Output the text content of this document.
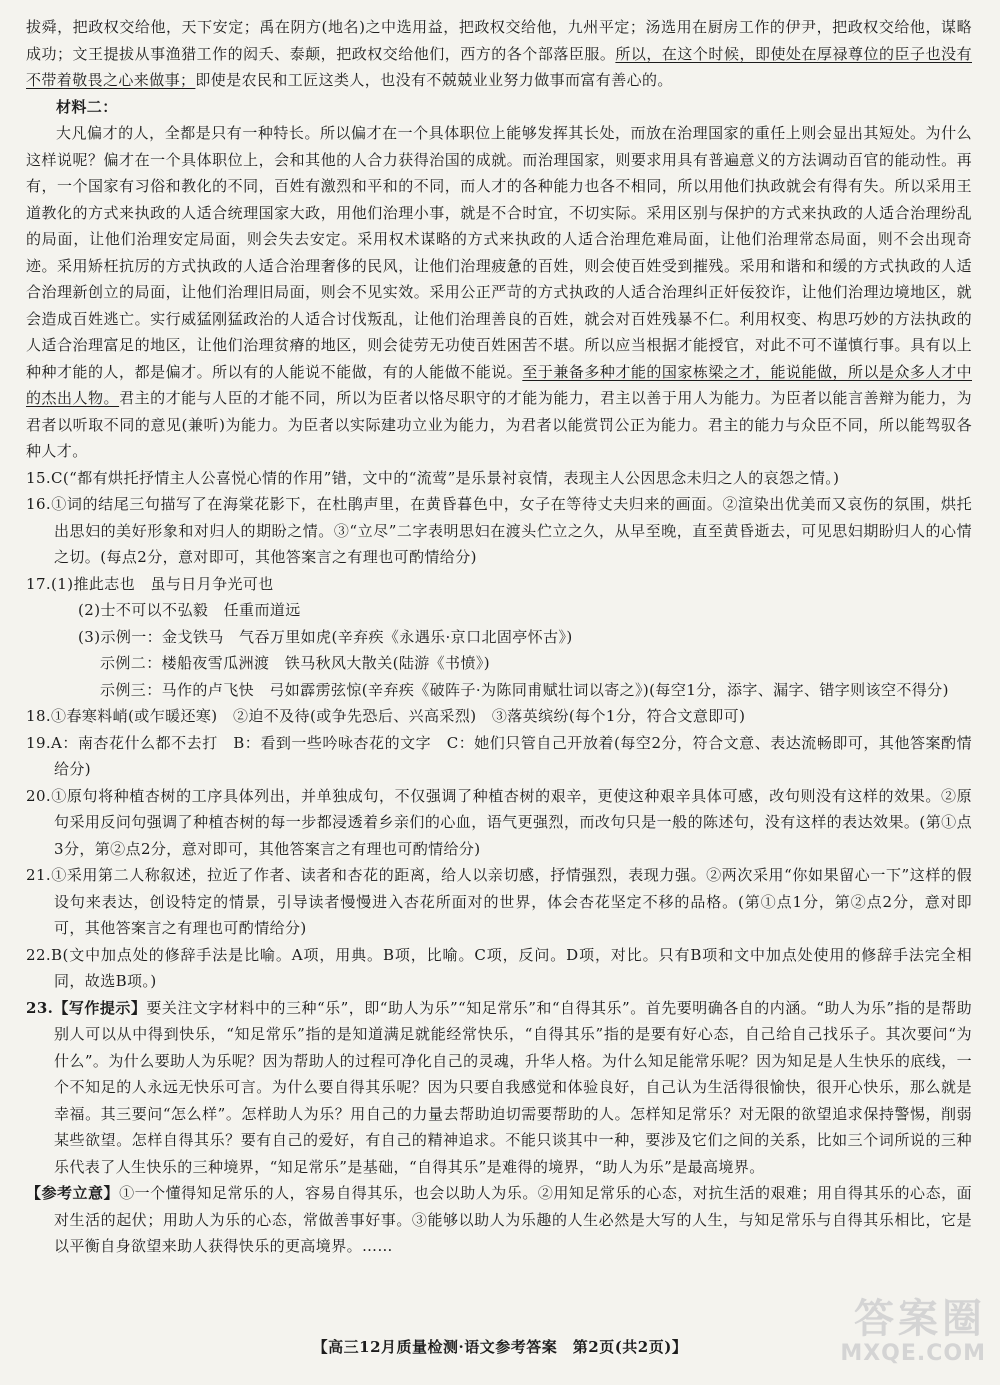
拔舜，把政权交给他，天下安定；禹在阴方(地名)之中选用益，把政权交给他，九州平定；汤选用在厨房工作的伊尹，把政权交给他，谋略成功；文王提拔从事渔猎工作的闳夭、泰颠，把政权交给他们，西方的各个部落臣服。所以，在这个时候，即使处在厚禄尊位的臣子也没有不带着敬畏之心来做事；即使是农民和工匠这类人，也没有不兢兢业业努力做事而富有善心的。

材料二：

大凡偏才的人，全都是只有一种特长。所以偏才在一个具体职位上能够发挥其长处，而放在治理国家的重任上则会显出其短处。为什么这样说呢？偏才在一个具体职位上，会和其他的人合力获得治国的成就。而治理国家，则要求用具有普遍意义的方法调动百官的能动性。再有，一个国家有习俗和教化的不同，百姓有激烈和平和的不同，而人才的各种能力也各不相同，所以用他们执政就会有得有失。所以采用王道教化的方式来执政的人适合统理国家大政，用他们治理小事，就是不合时宜，不切实际。采用区别与保护的方式来执政的人适合治理纷乱的局面，让他们治理安定局面，则会失去安定。采用权术谋略的方式来执政的人适合治理危难局面，让他们治理常态局面，则不会出现奇迹。采用矫枉抗厉的方式执政的人适合治理奢侈的民风，让他们治理疲惫的百姓，则会使百姓受到摧残。采用和谐和和缓的方式执政的人适合治理新创立的局面，让他们治理旧局面，则会不见实效。采用公正严苛的方式执政的人适合治理纠正奸佞狡诈，让他们治理边境地区，就会造成百姓逃亡。实行威猛刚猛政治的人适合讨伐叛乱，让他们治理善良的百姓，就会对百姓残暴不仁。利用权变、构思巧妙的方法执政的人适合治理富足的地区，让他们治理贫瘠的地区，则会徒劳无功使百姓困苦不堪。所以应当根据才能授官，对此不可不谨慎行事。具有以上种种才能的人，都是偏才。所以有的人能说不能做，有的人能做不能说。至于兼备多种才能的国家栋梁之才，能说能做，所以是众多人才中的杰出人物。君主的才能与人臣的才能不同，所以为臣者以恪尽职守的才能为能力，君主以善于用人为能力。为臣者以能言善辩为能力，为君者以听取不同的意见(兼听)为能力。为臣者以实际建功立业为能力，为君者以能赏罚公正为能力。君主的能力与众臣不同，所以能驾驭各种人才。

15.C(“都有烘托抒情主人公喜悦心情的作用”错，文中的“流莺”是乐景衬哀情，表现主人公因思念未归之人的哀怨之情。)

16.①词的结尾三句描写了在海棠花影下，在杜鹃声里，在黄昏暮色中，女子在等待丈夫归来的画面。②渲染出优美而又哀伤的氛围，烘托出思妇的美好形象和对归人的期盼之情。③“立尽”二字表明思妇在渡头伫立之久，从早至晚，直至黄昏逝去，可见思妇期盼归人的心情之切。(每点2分，意对即可，其他答案言之有理也可酌情给分)

17.(1)推此志也　虽与日月争光可也

(2)士不可以不弘毅　任重而道远

(3)示例一：金戈铁马　气吞万里如虎(辛弃疾《永遇乐·京口北固亭怀古》)

示例二：楼船夜雪瓜洲渡　铁马秋风大散关(陆游《书愤》)

示例三：马作的卢飞快　弓如霹雳弦惊(辛弃疾《破阵子·为陈同甫赋壮词以寄之》)(每空1分，添字、漏字、错字则该空不得分)

18.①春寒料峭(或乍暖还寒)　②迫不及待(或争先恐后、兴高采烈)　③落英缤纷(每个1分，符合文意即可)

19.A：南杏花什么都不去打　B：看到一些吟咏杏花的文字　C：她们只管自己开放着(每空2分，符合文意、表达流畅即可，其他答案酌情给分)

20.①原句将种植杏树的工序具体列出，并单独成句，不仅强调了种植杏树的艰辛，更使这种艰辛具体可感，改句则没有这样的效果。②原句采用反问句强调了种植杏树的每一步都浸透着乡亲们的心血，语气更强烈，而改句只是一般的陈述句，没有这样的表达效果。(第①点3分，第②点2分，意对即可，其他答案言之有理也可酌情给分)

21.①采用第二人称叙述，拉近了作者、读者和杏花的距离，给人以亲切感，抒情强烈，表现力强。②两次采用“你如果留心一下”这样的假设句来表达，创设特定的情景，引导读者慢慢进入杏花所面对的世界，体会杏花坚定不移的品格。(第①点1分，第②点2分，意对即可，其他答案言之有理也可酌情给分)

22.B(文中加点处的修辞手法是比喻。A项，用典。B项，比喻。C项，反问。D项，对比。只有B项和文中加点处使用的修辞手法完全相同，故选B项。)

23.【写作提示】要关注文字材料中的三种“乐”，即“助人为乐”“知足常乐”和“自得其乐”。首先要明确各自的内涵。“助人为乐”指的是帮助别人可以从中得到快乐，“知足常乐”指的是知道满足就能经常快乐，“自得其乐”指的是要有好心态，自己给自己找乐子。其次要问“为什么”。为什么要助人为乐呢？因为帮助人的过程可净化自己的灵魂，升华人格。为什么知足能常乐呢？因为知足是人生快乐的底线，一个不知足的人永远无快乐可言。为什么要自得其乐呢？因为只要自我感觉和体验良好，自己认为生活得很愉快，很开心快乐，那么就是幸福。其三要问“怎么样”。怎样助人为乐？用自己的力量去帮助迫切需要帮助的人。怎样知足常乐？对无限的欲望追求保持警惕，削弱某些欲望。怎样自得其乐？要有自己的爱好，有自己的精神追求。不能只谈其中一种，要涉及它们之间的关系，比如三个词所说的三种乐代表了人生快乐的三种境界，“知足常乐”是基础，“自得其乐”是难得的境界，“助人为乐”是最高境界。

【参考立意】①一个懂得知足常乐的人，容易自得其乐，也会以助人为乐。②用知足常乐的心态，对抗生活的艰难；用自得其乐的心态，面对生活的起伏；用助人为乐的心态，常做善事好事。③能够以助人为乐趣的人生必然是大写的人生，与知足常乐与自得其乐相比，它是以平衡自身欲望来助人获得快乐的更高境界。……

【高三12月质量检测·语文参考答案　第2页(共2页)】
答案圈
MXQE.COM
